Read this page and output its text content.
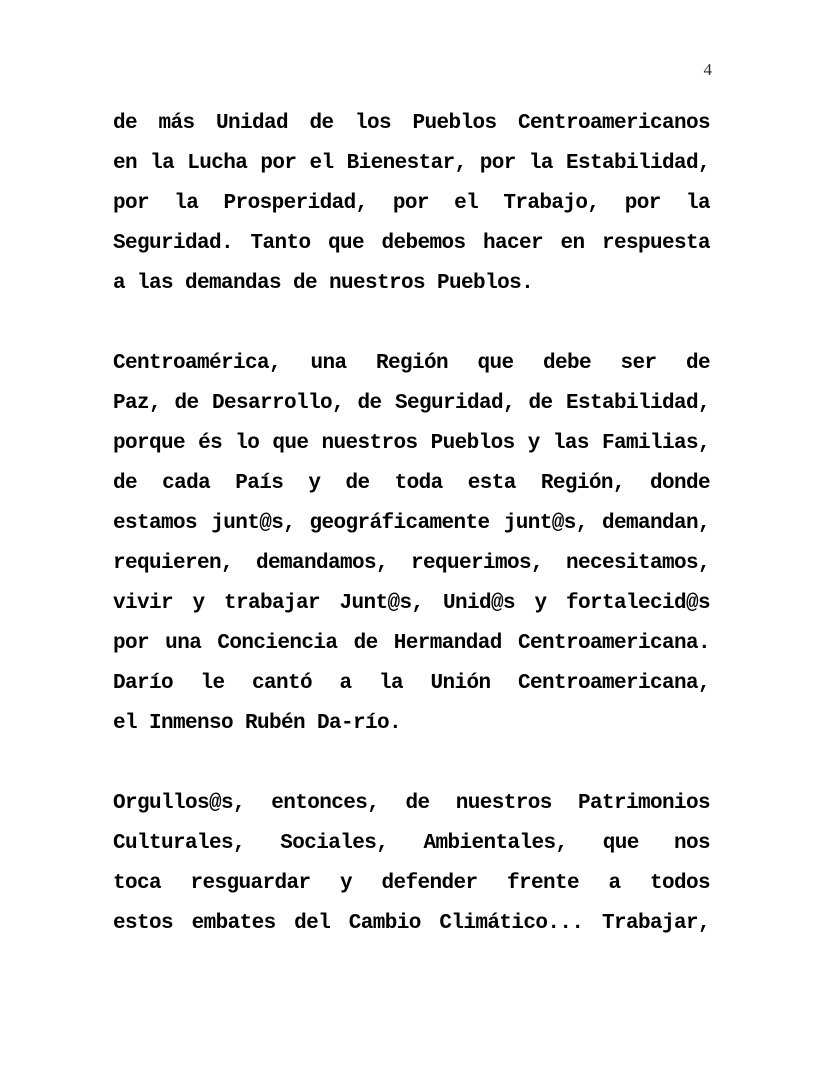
4
de más Unidad de los Pueblos Centroamericanos
en la Lucha por el Bienestar, por la Estabilidad,
por la Prosperidad, por el Trabajo, por la
Seguridad. Tanto que debemos hacer en respuesta
a las demandas de nuestros Pueblos.
Centroamérica, una Región que debe ser de
Paz, de Desarrollo, de Seguridad, de Estabilidad,
porque és lo que nuestros Pueblos y las Familias,
de cada País y de toda esta Región, donde
estamos junt@s, geográficamente junt@s, demandan,
requieren, demandamos, requerimos, necesitamos,
vivir y trabajar Junt@s, Unid@s y fortalecid@s
por una Conciencia de Hermandad Centroamericana.
Darío le cantó a la Unión Centroamericana,
el Inmenso Rubén Da-río.
Orgullos@s, entonces, de nuestros Patrimonios
Culturales, Sociales, Ambientales, que nos
toca resguardar y defender frente a todos
estos embates del Cambio Climático... Trabajar,
